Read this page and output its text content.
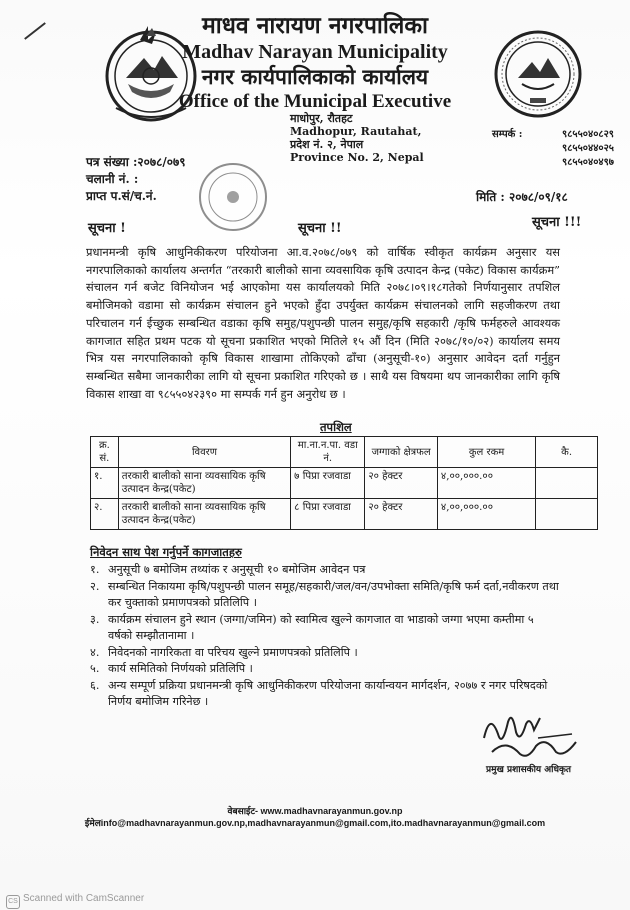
माधव नारायण नगरपालिका
Madhav Narayan Municipality
नगर कार्यपालिकाको कार्यालय
Office of the Municipal Executive
माधोपुर, रौतहट
Madhopur, Rautahat,
प्रदेश नं. २, नेपाल
Province No. 2, Nepal
सम्पर्क :	९८५५०४०८२९
९८५५०४४०२५
९८५५०४०४९७
पत्र संख्या :२०७८/०७९
चलानी नं. :
प्राप्त प.सं/च.नं.	मिति : २०७८/०९/१८
सूचना !	सूचना !!	सूचना !!!
प्रधानमन्त्री कृषि आधुनिकीकरण परियोजना आ.व.२०७८/०७९ को वार्षिक स्वीकृत कार्यक्रम अनुसार यस नगरपालिकाको कार्यालय अन्तर्गत “तरकारी बालीको साना व्यवसायिक कृषि उत्पादन केन्द्र (पकेट) विकास कार्यक्रम” संचालन गर्न बजेट विनियोजन भई आएकोमा यस कार्यालयको मिति २०७८।०९।१८गतेको निर्णयानुसार तपशिल बमोजिमको वडामा सो कार्यक्रम संचालन हुने भएको हुँदा उपर्युक्त कार्यक्रम संचालनको लागि सहजीकरण तथा परिचालन गर्न ईच्छुक सम्बन्धित वडाका कृषि समुह/पशुपन्छी पालन समुह/कृषि सहकारी /कृषि फर्महरुले आवश्यक कागजात सहित प्रथम पटक यो सूचना प्रकाशित भएको मितिले १५ औं दिन (मिति २०७८/१०/०२) कार्यालय समय भित्र यस नगरपालिकाको कृषि विकास शाखामा तोकिएको ढाँचा (अनुसूची-१०) अनुसार आवेदन दर्ता गर्नुहुन सम्बन्धित सबैमा जानकारीका लागि यो सूचना प्रकाशित गरिएको छ । साथै यस विषयमा थप जानकारीका लागि कृषि विकास शाखा वा ९८५५०४२३९० मा सम्पर्क गर्न हुन अनुरोध छ ।
तपशिल
क्र. सं.	विवरण	मा.ना.न.पा. वडा नं.	जग्गाको क्षेत्रफल	कुल रकम	कै.
१.	तरकारी बालीको साना व्यवसायिक कृषि उत्पादन केन्द्र(पकेट)	७ पिप्रा रजवाडा	२० हेक्टर	४,००,०००.००	
२.	तरकारी बालीको साना व्यवसायिक कृषि उत्पादन केन्द्र(पकेट)	८ पिप्रा रजवाडा	२० हेक्टर	४,००,०००.००	
निवेदन साथ पेश गर्नुपर्ने कागजातहरु
१. अनुसूची ७ बमोजिम तथ्यांक र अनुसूची १० बमोजिम आवेदन पत्र
२. सम्बन्धित निकायमा कृषि/पशुपन्छी पालन समूह/सहकारी/जल/वन/उपभोक्ता समिति/कृषि फर्म दर्ता,नवीकरण तथा कर चुक्ताको प्रमाणपत्रको प्रतिलिपि ।
३. कार्यक्रम संचालन हुने स्थान (जग्गा/जमिन) को स्वामित्व खुल्ने कागजात वा भाडाको जग्गा भएमा कम्तीमा ५ वर्षको सम्झौतानामा ।
४. निवेदनको नागरिकता वा परिचय खुल्ने प्रमाणपत्रको प्रतिलिपि ।
५. कार्य समितिको निर्णयको प्रतिलिपि ।
६. अन्य सम्पूर्ण प्रक्रिया प्रधानमन्त्री कृषि आधुनिकीकरण परियोजना कार्यान्वयन मार्गदर्शन, २०७७ र नगर परिषदको निर्णय बमोजिम गरिनेछ ।
प्रमुख प्रशासकीय अधिकृत
वेबसाईट- www.madhavnarayanmun.gov.np
ईमेलinfo@madhavnarayanmun.gov.np,madhavnarayanmun@gmail.com,ito.madhavnarayanmun@gmail.com
CS Scanned with CamScanner
